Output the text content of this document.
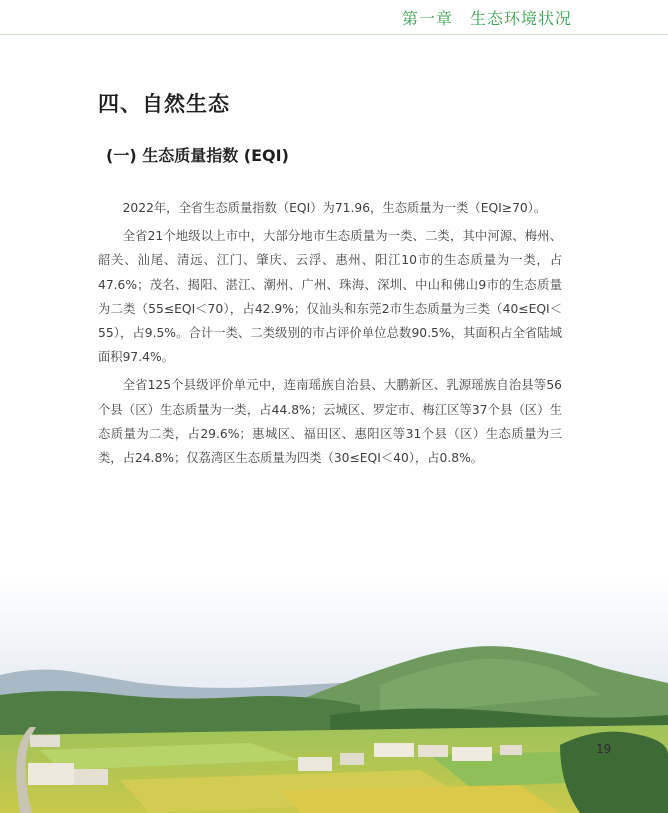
第一章　生态环境状况
四、自然生态
(一) 生态质量指数 (EQI)

2022年，全省生态质量指数（EQI）为71.96，生态质量为一类（EQI≥70）。

全省21个地级以上市中，大部分地市生态质量为一类、二类，其中河源、梅州、韶关、汕尾、清远、江门、肇庆、云浮、惠州、阳江10市的生态质量为一类，占47.6%；茂名、揭阳、湛江、潮州、广州、珠海、深圳、中山和佛山9市的生态质量为二类（55≤EQI＜70），占42.9%；仅汕头和东莞2市生态质量为三类（40≤EQI＜55），占9.5%。合计一类、二类级别的市占评价单位总数90.5%，其面积占全省陆域面积97.4%。

全省125个县级评价单元中，连南瑶族自治县、大鹏新区、乳源瑶族自治县等56个县（区）生态质量为一类，占44.8%；云城区、罗定市、梅江区等37个县（区）生态质量为二类，占29.6%；惠城区、福田区、惠阳区等31个县（区）生态质量为三类，占24.8%；仅荔湾区生态质量为四类（30≤EQI＜40），占0.8%。

19
